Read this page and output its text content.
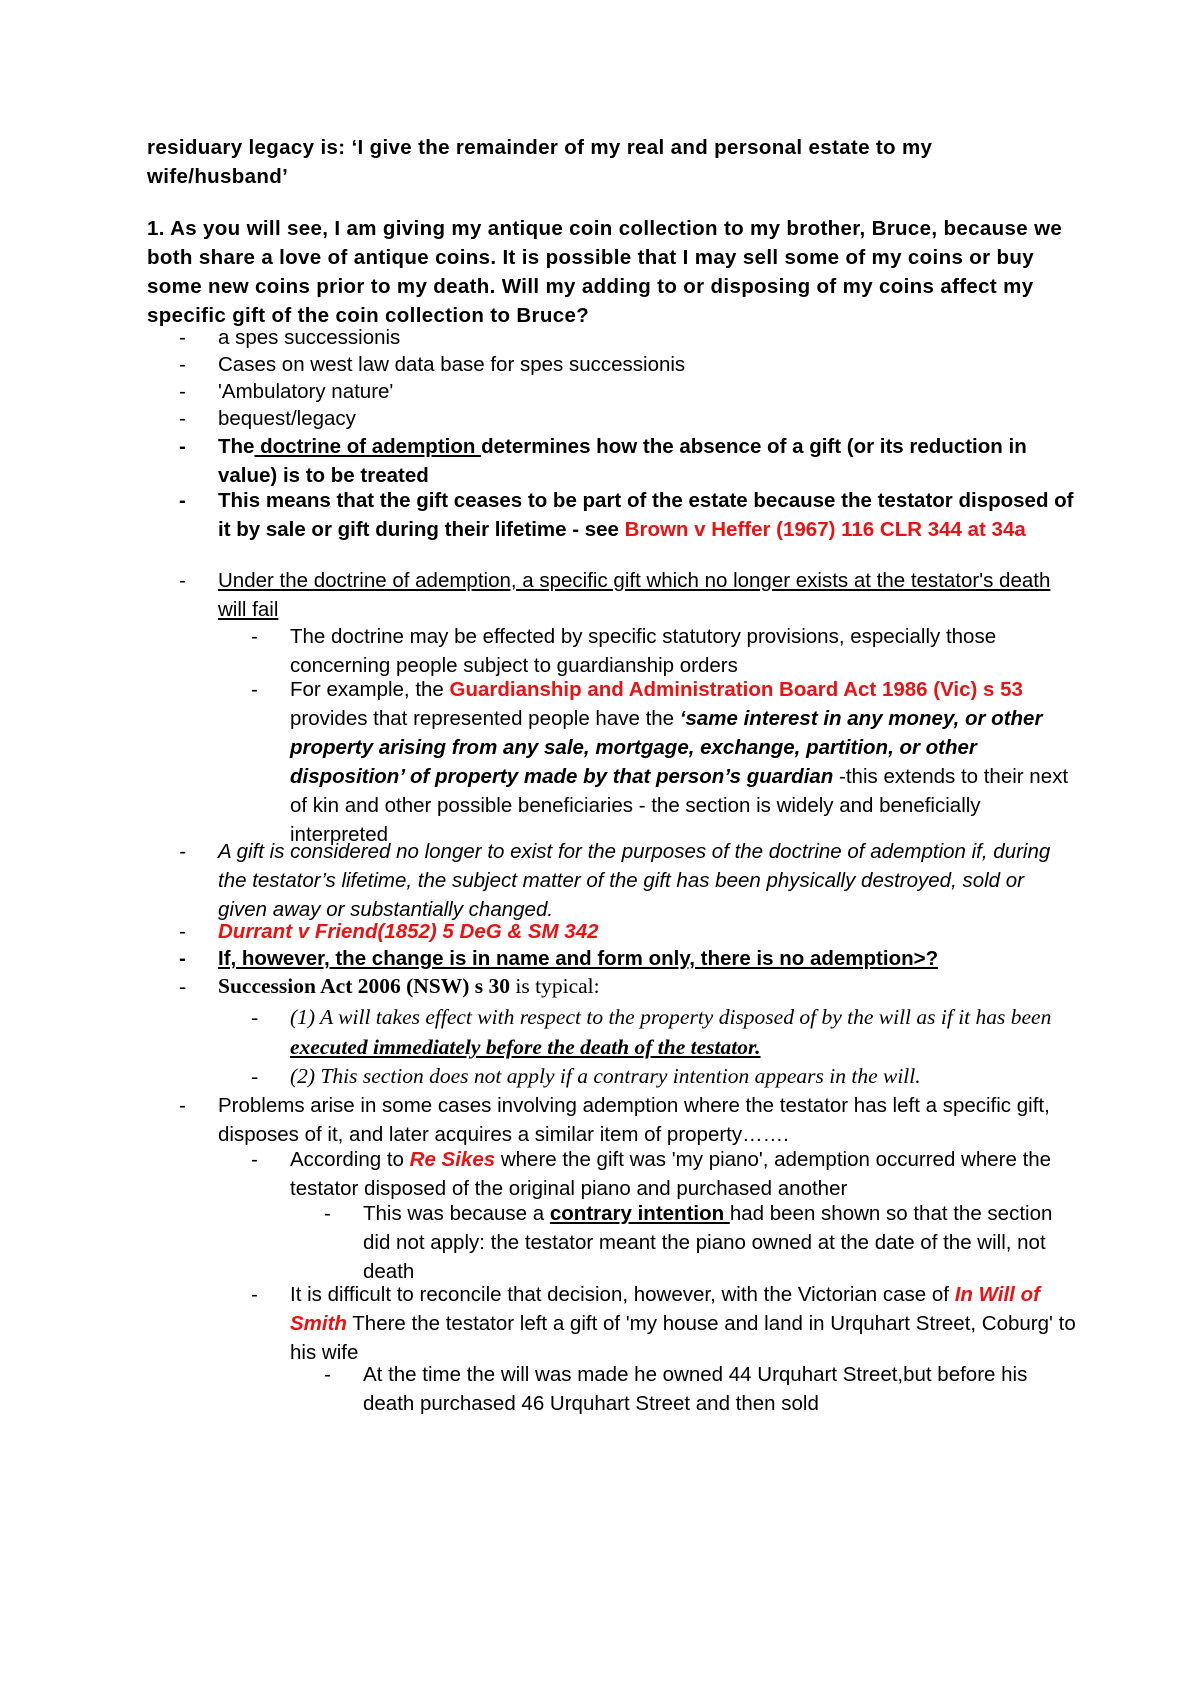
residuary legacy is: ‘I give the remainder of my real and personal estate to my
wife/husband’
1. As you will see, I am giving my antique coin collection to my brother, Bruce, because we both share a love of antique coins. It is possible that I may sell some of my coins or buy some new coins prior to my death. Will my adding to or disposing of my coins affect my specific gift of the coin collection to Bruce?
- a spes successionis
- Cases on west law data base for spes successionis
- 'Ambulatory nature'
- bequest/legacy
- The doctrine of ademption determines how the absence of a gift (or its reduction in value) is to be treated
- This means that the gift ceases to be part of the estate because the testator disposed of it by sale or gift during their lifetime - see Brown v Heffer (1967) 116 CLR 344 at 34a
- Under the doctrine of ademption, a specific gift which no longer exists at the testator's death will fail
- The doctrine may be effected by specific statutory provisions, especially those concerning people subject to guardianship orders
- For example, the Guardianship and Administration Board Act 1986 (Vic) s 53 provides that represented people have the ‘same interest in any money, or other property arising from any sale, mortgage, exchange, partition, or other disposition’ of property made by that person’s guardian -this extends to their next of kin and other possible beneficiaries - the section is widely and beneficially interpreted
- A gift is considered no longer to exist for the purposes of the doctrine of ademption if, during the testator’s lifetime, the subject matter of the gift has been physically destroyed, sold or given away or substantially changed.
- Durrant v Friend(1852) 5 DeG & SM 342
- If, however, the change is in name and form only, there is no ademption>?
- Succession Act 2006 (NSW) s 30 is typical:
- (1) A will takes effect with respect to the property disposed of by the will as if it has been executed immediately before the death of the testator.
- (2) This section does not apply if a contrary intention appears in the will.
- Problems arise in some cases involving ademption where the testator has left a specific gift, disposes of it, and later acquires a similar item of property…….
- According to Re Sikes where the gift was 'my piano', ademption occurred where the testator disposed of the original piano and purchased another
- This was because a contrary intention had been shown so that the section did not apply: the testator meant the piano owned at the date of the will, not death
- It is difficult to reconcile that decision, however, with the Victorian case of In Will of Smith There the testator left a gift of 'my house and land in Urquhart Street, Coburg' to his wife
- At the time the will was made he owned 44 Urquhart Street,but before his death purchased 46 Urquhart Street and then sold
